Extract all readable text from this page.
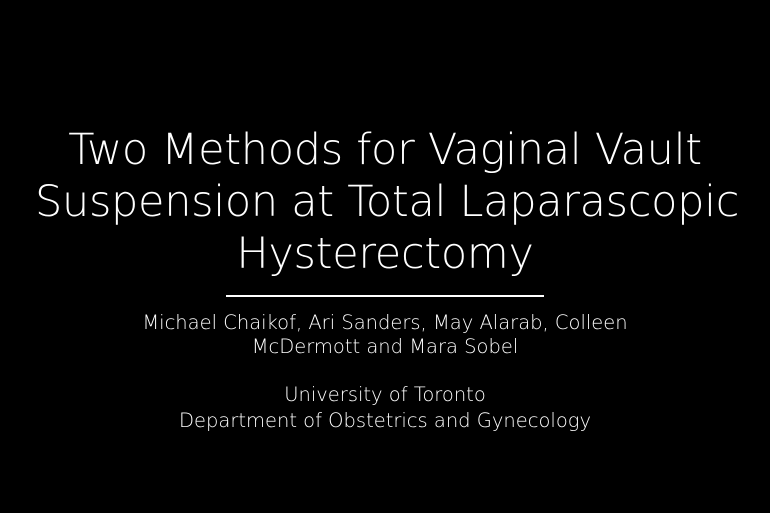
Two Methods for Vaginal Vault
Suspension at Total Laparascopic
Hysterectomy
Michael Chaikof, Ari Sanders, May Alarab, Colleen
McDermott and Mara Sobel
University of Toronto
Department of Obstetrics and Gynecology
